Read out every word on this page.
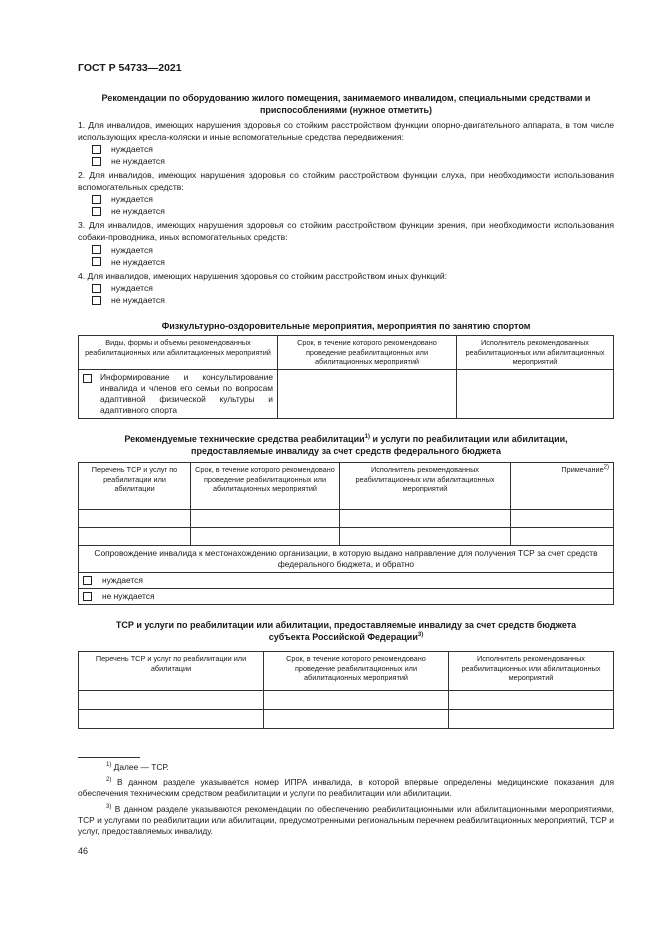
ГОСТ Р 54733—2021
Рекомендации по оборудованию жилого помещения, занимаемого инвалидом, специальными средствами и приспособлениями (нужное отметить)
1. Для инвалидов, имеющих нарушения здоровья со стойким расстройством функции опорно-двигательного аппарата, в том числе использующих кресла-коляски и иные вспомогательные средства передвижения:
нуждается
не нуждается
2. Для инвалидов, имеющих нарушения здоровья со стойким расстройством функции слуха, при необходимости использования вспомогательных средств:
нуждается
не нуждается
3. Для инвалидов, имеющих нарушения здоровья со стойким расстройством функции зрения, при необходимости использования собаки-проводника, иных вспомогательных средств:
нуждается
не нуждается
4. Для инвалидов, имеющих нарушения здоровья со стойким расстройством иных функций:
нуждается
не нуждается
Физкультурно-оздоровительные мероприятия, мероприятия по занятию спортом
Виды, формы и объемы рекомендованных реабилитационных или абилитационных мероприятий	Срок, в течение которого рекомендовано проведение реабилитационных или абилитационных мероприятий	Исполнитель рекомендованных реабилитационных или абилитационных мероприятий

Информирование и консультирование инвалида и членов его семьи по вопросам адаптивной физической культуры и адаптивного спорта		

Рекомендуемые технические средства реабилитации$^{1)}$ и услуги по реабилитации или абилитации,
предоставляемые инвалиду за счет средств федерального бюджета
Перечень ТСР и услуг по реабилитации или абилитации	Срок, в течение которого рекомендовано проведение реабилитационных или абилитационных мероприятий	Исполнитель рекомендованных реабилитационных или абилитационных мероприятий	Примечание$^{2)}$

Сопровождение инвалида к местонахождению организации, в которую выдано направление для получения ТСР за счет средств федерального бюджета, и обратно			

нуждается			

не нуждается			
ТСР и услуги по реабилитации или абилитации, предоставляемые инвалиду за счет средств бюджета
субъекта Российской Федерации$^{3)}$
Перечень ТСР и услуг по реабилитации или абилитации	Срок, в течение которого рекомендовано проведение реабилитационных или абилитационных мероприятий	Исполнитель рекомендованных реабилитационных или абилитационных мероприятий

$^{1)}$ Далее — ТСР.
$^{2)}$ В данном разделе указывается номер ИПРА инвалида, в которой впервые определены медицинские показания для обеспечения техническим средством реабилитации и услуги по реабилитации или абилитации.
$^{3)}$ В данном разделе указываются рекомендации по обеспечению реабилитационными или абилитационными мероприятиями, ТСР и услугами по реабилитации или абилитации, предусмотренными региональным перечнем реабилитационных мероприятий, ТСР и услуг, предоставляемых инвалиду.
46
